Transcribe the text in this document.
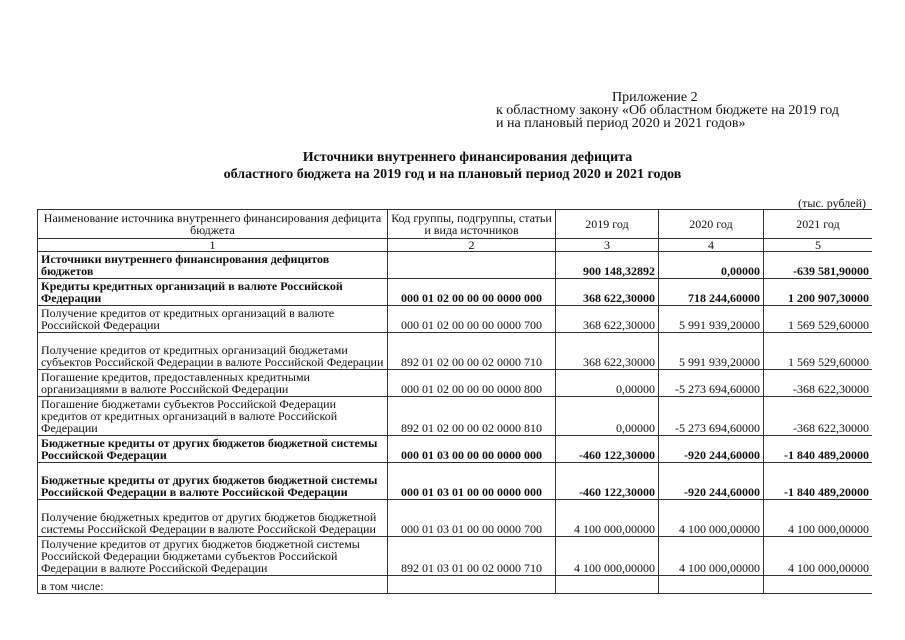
Приложение 2
к областному закону «Об областном бюджете на 2019 год
и на плановый период 2020 и 2021 годов»
Источники внутреннего финансирования дефицита
областного бюджета на 2019 год и на плановый период 2020 и 2021 годов
(тыс. рублей)
Наименование источника внутреннего финансирования дефицита бюджета	Код группы, подгруппы, статьи и вида источников	2019 год	2020 год	2021 год
1	2	3	4	5
Источники внутреннего финансирования дефицитов бюджетов		900 148,32892	0,00000	-639 581,90000
Кредиты кредитных организаций в валюте Российской Федерации	000 01 02 00 00 00 0000 000	368 622,30000	718 244,60000	1 200 907,30000
Получение кредитов от кредитных организаций в валюте Российской Федерации	000 01 02 00 00 00 0000 700	368 622,30000	5 991 939,20000	1 569 529,60000
Получение кредитов от кредитных организаций бюджетами субъектов Российской Федерации в валюте Российской Федерации	892 01 02 00 00 02 0000 710	368 622,30000	5 991 939,20000	1 569 529,60000
Погашение кредитов, предоставленных кредитными организациями в валюте Российской Федерации	000 01 02 00 00 00 0000 800	0,00000	-5 273 694,60000	-368 622,30000
Погашение бюджетами субъектов Российской Федерации кредитов от кредитных организаций в валюте Российской Федерации	892 01 02 00 00 02 0000 810	0,00000	-5 273 694,60000	-368 622,30000
Бюджетные кредиты от других бюджетов бюджетной системы Российской Федерации	000 01 03 00 00 00 0000 000	-460 122,30000	-920 244,60000	-1 840 489,20000
Бюджетные кредиты от других бюджетов бюджетной системы Российской Федерации в валюте Российской Федерации	000 01 03 01 00 00 0000 000	-460 122,30000	-920 244,60000	-1 840 489,20000
Получение бюджетных кредитов от других бюджетов бюджетной системы Российской Федерации в валюте Российской Федерации	000 01 03 01 00 00 0000 700	4 100 000,00000	4 100 000,00000	4 100 000,00000
Получение кредитов от других бюджетов бюджетной системы Российской Федерации бюджетами субъектов Российской Федерации в валюте Российской Федерации	892 01 03 01 00 02 0000 710	4 100 000,00000	4 100 000,00000	4 100 000,00000
в том числе:				
